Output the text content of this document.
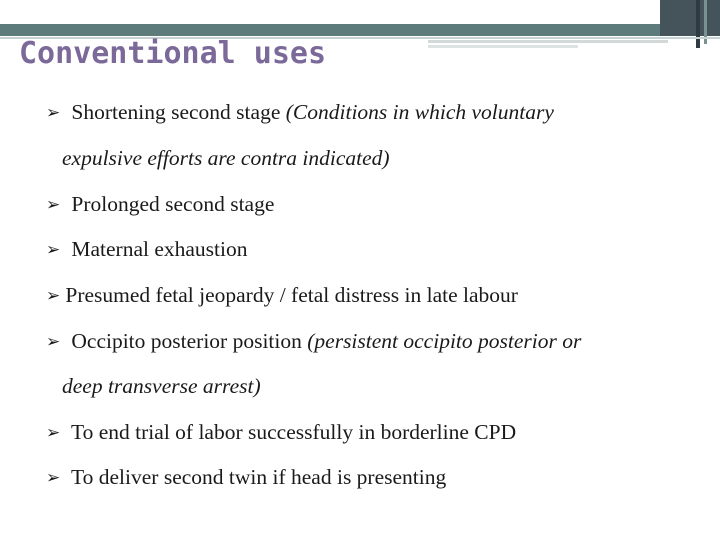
Conventional uses
➢ Shortening second stage (Conditions in which voluntary
expulsive efforts are contra indicated)
➢ Prolonged second stage
➢ Maternal exhaustion
➢ Presumed fetal jeopardy / fetal distress in late labour
➢ Occipito posterior position (persistent occipito posterior or
deep transverse arrest)
➢ To end trial of labor successfully in borderline CPD
➢ To deliver second twin if head is presenting
